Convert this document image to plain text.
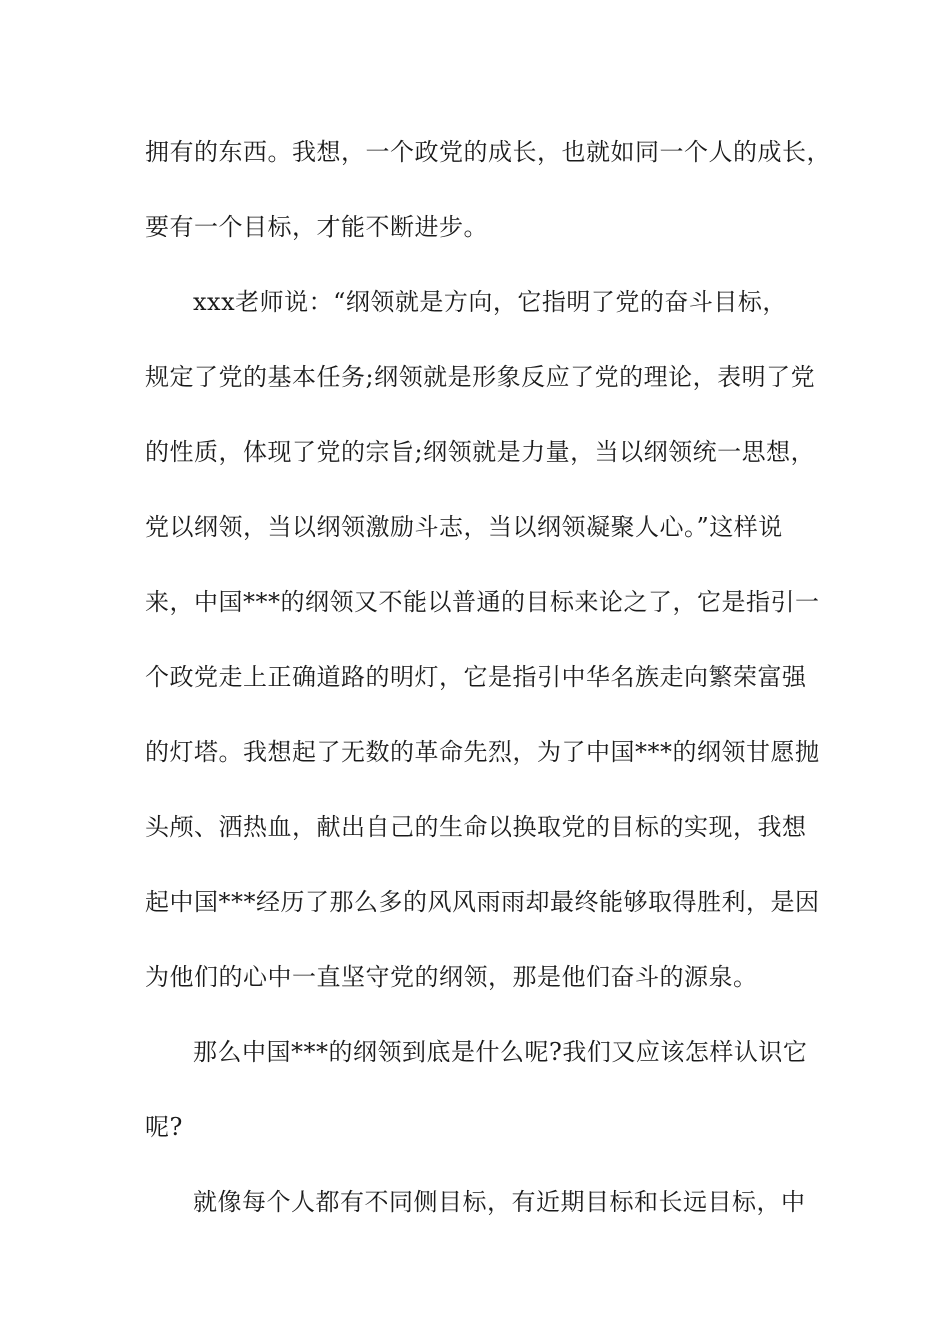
拥有的东西。我想，一个政党的成长，也就如同一个人的成长，
要有一个目标，才能不断进步。
xxx老师说：“纲领就是方向，它指明了党的奋斗目标，
规定了党的基本任务;纲领就是形象反应了党的理论，表明了党
的性质，体现了党的宗旨;纲领就是力量，当以纲领统一思想，
党以纲领，当以纲领激励斗志，当以纲领凝聚人心。”这样说
来，中国***的纲领又不能以普通的目标来论之了，它是指引一
个政党走上正确道路的明灯，它是指引中华名族走向繁荣富强
的灯塔。我想起了无数的革命先烈，为了中国***的纲领甘愿抛
头颅、洒热血，献出自己的生命以换取党的目标的实现，我想
起中国***经历了那么多的风风雨雨却最终能够取得胜利，是因
为他们的心中一直坚守党的纲领，那是他们奋斗的源泉。
那么中国***的纲领到底是什么呢?我们又应该怎样认识它
呢?
就像每个人都有不同侧目标，有近期目标和长远目标，中
